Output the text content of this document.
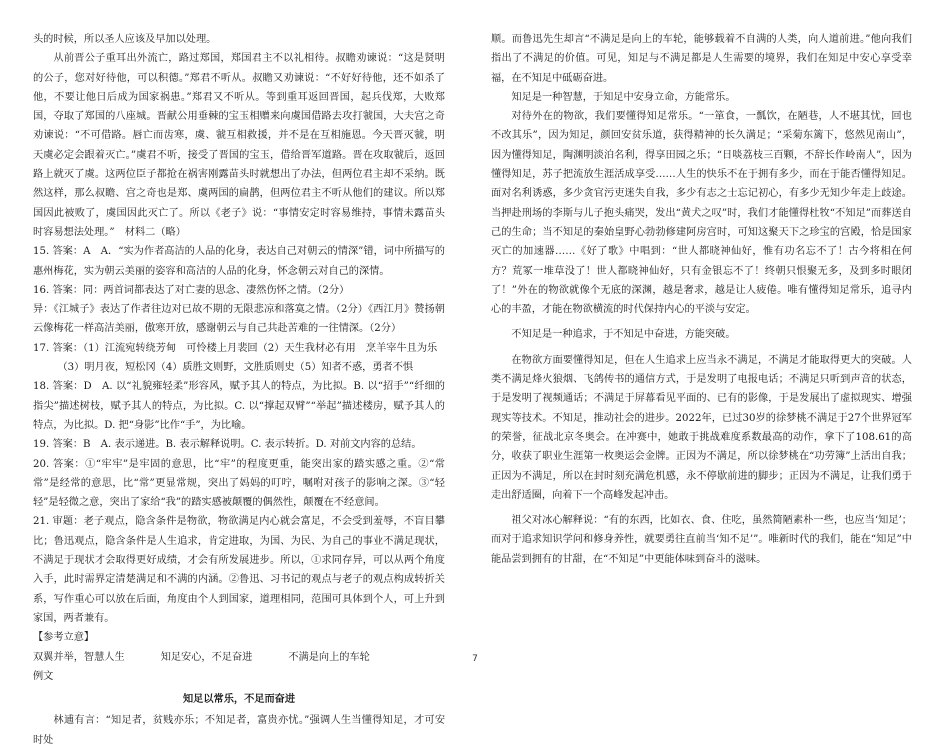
头的时候，所以圣人应该及早加以处理。

从前晋公子重耳出外流亡，路过郑国，郑国君主不以礼相待。叔瞻劝谏说：“这是贤明的公子，您对好待他，可以积德。”郑君不听从。叔瞻又劝谏说：“不好好待他，还不如杀了他，不要让他日后成为国家祸患。”郑君又不听从。等到重耳返回晋国，起兵伐郑，大败郑国，夺取了郑国的八座城。晋献公用垂棘的宝玉相赠来向虞国借路去攻打虢国，大夫宫之奇劝谏说：“不可借路。唇亡而齿寒，虞、虢互相救援，并不是在互相施恩。今天晋灭虢，明天虞必定会跟着灭亡。”虞君不听，接受了晋国的宝玉，借给晋军道路。晋在攻取虢后，返回路上就灭了虞。这两位臣子都抢在祸害刚露苗头时就想出了办法，但两位君主却不采纳。既然这样，那么叔瞻、宫之奇也是郑、虞两国的扁鹊，但两位君主不听从他们的建议。所以郑国因此被败了，虞国因此灭亡了。所以《老子》说：“事情安定时容易维持，事情未露苗头时容易想法处理。”　材料二（略）

15. 答案：A　A．“实为作者高洁的人品的化身，表达自己对朝云的情深”错，词中所描写的惠州梅花，实为朝云美丽的姿容和高洁的人品的化身，怀念朝云对自己的深情。

16. 答案：同：两首词都表达了对亡妻的思念、凄然伤怀之情。（2分）

异：《江城子》表达了作者往边对已故不期的无限悲凉和落寞之情。（2分）《西江月》赞扬朝云像梅花一样高洁美丽，傲寒开放，感谢朝云与自己共赴苦难的一往情深。（2分）

17. 答案：（1）江流宛转绕芳甸　可怜楼上月裴回（2）天生我材必有用　烹羊宰牛且为乐

（3）明月夜，短松冈（4）质胜文则野，文胜质则史（5）知者不惑，勇者不惧

18. 答案：D　A. 以“礼貌雍轻柔”形容风，赋予其人的特点，为比拟。B. 以“招手”“纤细的指尖”描述树枝，赋予其人的特点，为比拟。C. 以“撑起双臂”“举起”描述楼房，赋予其人的特点，为比拟。D. 把“身影”比作“手”，为比喻。

19. 答案：B　A. 表示递进。B. 表示解释说明。C. 表示转折。D. 对前文内容的总结。

20. 答案：①“牢牢”是牢固的意思，比“牢”的程度更重，能突出家的踏实感之重。②“常常”是经常的意思，比“常”更显常规，突出了妈妈的叮咛，嘱咐对孩子的影响之深。③“轻轻”是轻微之意，突出了家给“我”的踏实感被颠覆的偶然性，颠覆在不经意间。

21. 审题：老子观点，隐含条件是物欲，物欲满足内心就会富足，不会受到羞辱，不盲目攀比；鲁迅观点，隐含条件是人生追求，肯定进取，为国、为民、为自己的事业不满足现状，不满足于现状才会取得更好成绩，才会有所发展进步。所以，①求同存异，可以从两个角度入手，此时需界定清楚满足和不满的内涵。②鲁迅、习书记的观点与老子的观点构成转折关系，写作重心可以放在后面，角度由个人到国家，道理相同，范围可具体到个人，可上升到家国，两者兼有。

【参考立意】

双翼并举，智慧人生	知足安心，不足奋进	不满是向上的车轮

例文

知足以常乐，不足而奋进

林逋有言：“知足者，贫贱亦乐；不知足者，富贵亦忧。”强调人生当懂得知足，才可安时处

顺。而鲁迅先生却言“不满足是向上的车轮，能够载着不自满的人类，向人道前进。”他向我们指出了不满足的价值。可见，知足与不满足都是人生需要的境界，我们在知足中安心享受幸福，在不知足中砥砺奋进。

知足是一种智慧，于知足中安身立命，方能常乐。

对待外在的物欲，我们要懂得知足常乐。“一箪食，一瓢饮，在陋巷，人不堪其忧，回也不改其乐”，因为知足，颜回安贫乐道，获得精神的长久满足；“采菊东篱下，悠然见南山”，因为懂得知足，陶渊明淡泊名利，得享田园之乐；“日啖荔枝三百颗，不辞长作岭南人”，因为懂得知足，苏子把流放生涯活成享受……人生的快乐不在于拥有多少，而在于能否懂得知足。面对名利诱惑，多少贪官污吏迷失自我，多少有志之士忘记初心，有多少无知少年走上歧途。当押赴刑场的李斯与儿子抱头痛哭，发出“黄犬之叹”时，我们才能懂得杜牧“不知足”而葬送自己的生命；当不知足的秦始皇野心勃勃修建阿房宫时，可知这聚天下之珍宝的宫殿，恰是国家灭亡的加速器……《好了歌》中唱到：“世人都晓神仙好，惟有功名忘不了！古今将相在何方？荒冢一堆草没了！世人都晓神仙好，只有金银忘不了！终朝只恨聚无多，及到多时眼闭了！”外在的物欲就像个无底的深渊，越是奢求，越是让人疲倦。唯有懂得知足常乐，追寻内心的丰盈，才能在物欲横流的时代保持内心的平淡与安定。

不知足是一种追求，于不知足中奋进，方能突破。

在物欲方面要懂得知足，但在人生追求上应当永不满足，不满足才能取得更大的突破。人类不满足烽火狼烟、飞鸽传书的通信方式，于是发明了电报电话；不满足只听到声音的状态，于是发明了视频通话；不满足于屏幕看见平面的、已有的影像，于是发展出了虚拟现实、增强现实等技术。不知足，推动社会的进步。2022年，已过30岁的徐梦桃不满足于27个世界冠军的荣誉，征战北京冬奥会。在冲赛中，她敢于挑战难度系数最高的动作，拿下了108.61的高分，收获了职业生涯第一枚奥运会金牌。正因为不满足，所以徐梦桃在“功劳簿”上活出自我；正因为不满足，所以在封时刻充满危机感，永不停歇前进的脚步；正因为不满足，让我们勇于走出舒适圈，向着下一个高峰发起冲击。

祖父对冰心解释说：“有的东西，比如衣、食、住吃，虽然简陋素朴一些，也应当‘知足’；而对于追求知识学问和修身养性，就要勇往直前当‘知不足’”。唯新时代的我们，能在“知足”中能品尝到拥有的甘甜，在“不知足”中更能体味到奋斗的滋味。

7
